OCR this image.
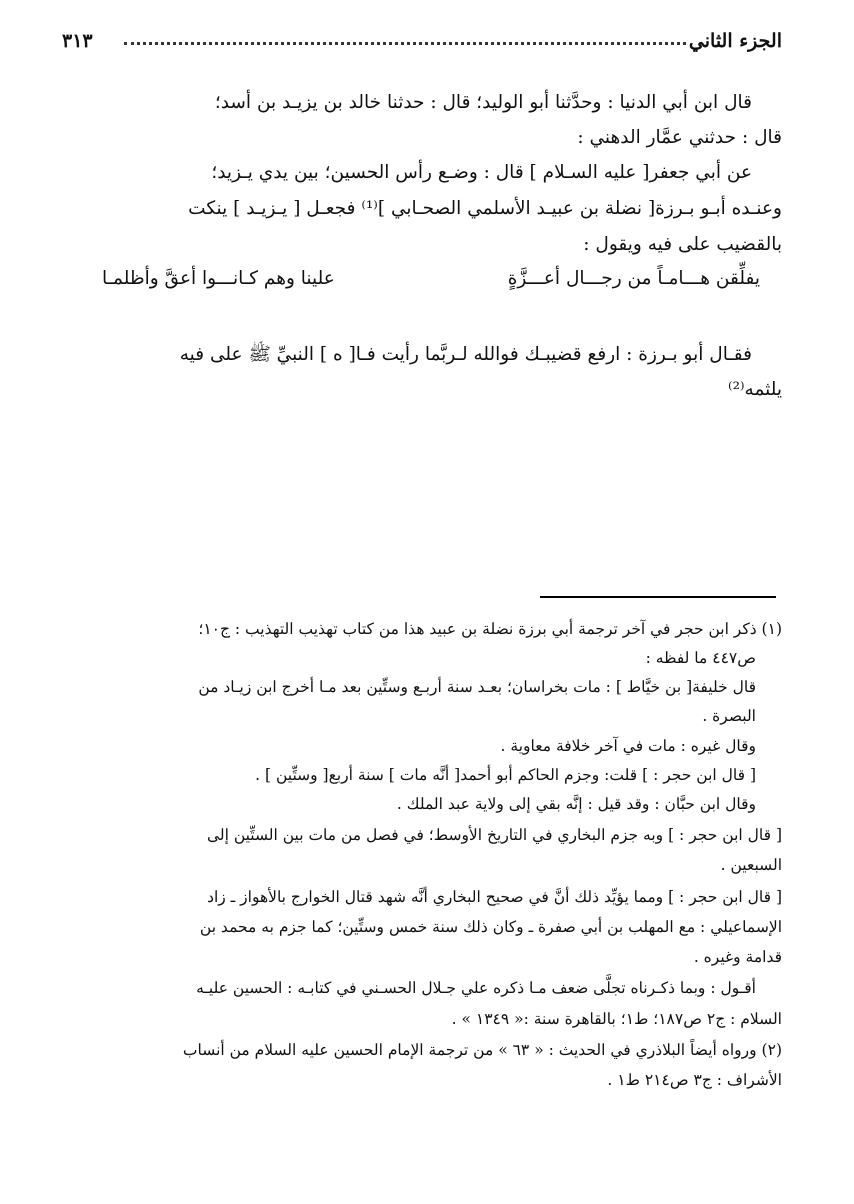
الجزء الثاني
٣١٣
قال ابن أبي الدنيا : وحدَّثنا أبو الوليد؛ قال : حدثنا خالد بن يزيـد بن أسد؛
قال : حدثني عمَّار الدهني :
عن أبي جعفر[ عليه السـلام ] قال : وضـع رأس الحسين؛ بين يدي يـزيد؛
وعنـده أبـو بـرزة[ نضلة بن عبيـد الأسلمي الصحـابي ]⁽¹⁾ فجعـل [ يـزيـد ] ينكت
بالقضيب على فيه ويقول :
يفلِّقن هـــامـاً من رجـــال أعـــزَّةٍ
علينا وهم كـانـــوا أعقَّ وأظلمـا
فقـال أبو بـرزة : ارفع قضيبـك فوالله لـربَّما رأيت فـا[ ه ] النبيِّ ﷺ على فيه
يلثمه⁽²⁾
(١) ذكر ابن حجر في آخر ترجمة أبي برزة نضلة بن عبيد هذا من كتاب تهذيب التهذيب : ج١٠؛
ص٤٤٧ ما لفظه :
قال خليفة[ بن خيَّاط ] : مات بخراسان؛ بعـد سنة أربـع وستِّين بعد مـا أخرج ابن زيـاد من
البصرة .
وقال غيره : مات في آخر خلافة معاوية .
[ قال ابن حجر : ] قلت: وجزم الحاكم أبو أحمد[ أنَّه مات ] سنة أربع[ وستِّين ] .
وقال ابن حبَّان : وقد قيل : إنَّه بقي إلى ولاية عبد الملك .
[ قال ابن حجر : ] وبه جزم البخاري في التاريخ الأوسط؛ في فصل من مات بين الستِّين إلى
السبعين .
[ قال ابن حجر : ] ومما يؤيِّد ذلك أنَّ في صحيح البخاري أنَّه شهد قتال الخوارج بالأهواز ـ زاد
الإسماعيلي : مع المهلب بن أبي صفرة ـ وكان ذلك سنة خمس وستِّين؛ كما جزم به محمد بن
قدامة وغيره .
أقـول : وبما ذكـرناه تجلَّى ضعف مـا ذكره علي جـلال الحسـني في كتابـه : الحسين عليـه
السلام : ج٢ ص١٨٧؛ ط١؛ بالقاهرة سنة :« ١٣٤٩ » .
(٢) ورواه أيضاً البلاذري في الحديث : « ٦٣ » من ترجمة الإمام الحسين عليه السلام من أنساب
الأشراف : ج٣ ص٢١٤ ط١ .
